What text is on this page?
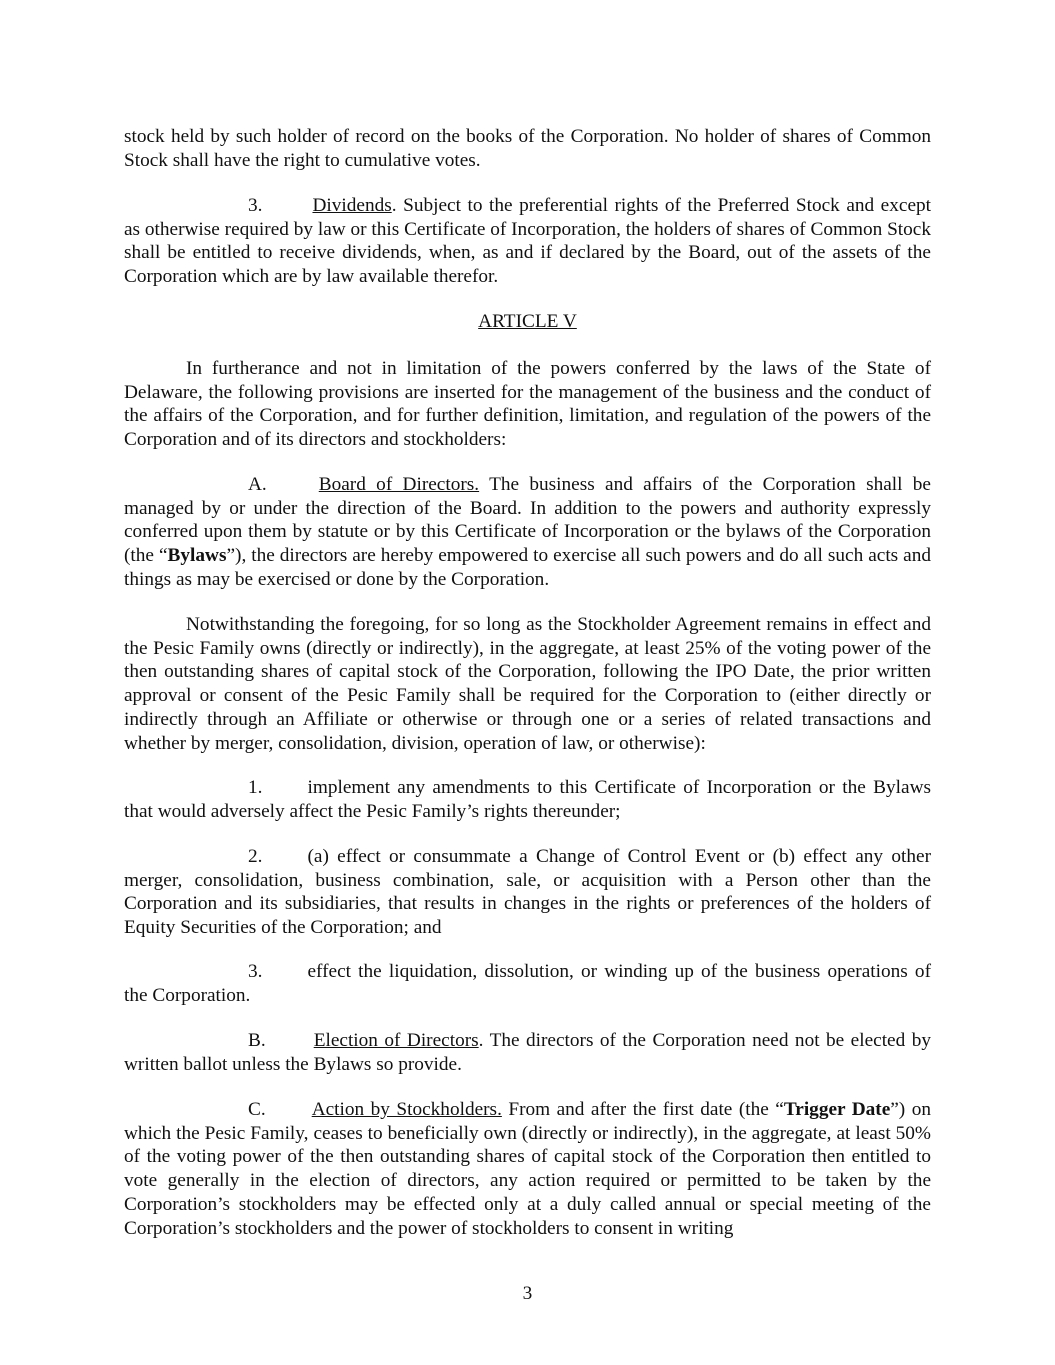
stock held by such holder of record on the books of the Corporation. No holder of shares of Common Stock shall have the right to cumulative votes.

3.	Dividends. Subject to the preferential rights of the Preferred Stock and except as otherwise required by law or this Certificate of Incorporation, the holders of shares of Common Stock shall be entitled to receive dividends, when, as and if declared by the Board, out of the assets of the Corporation which are by law available therefor.

ARTICLE V

In furtherance and not in limitation of the powers conferred by the laws of the State of Delaware, the following provisions are inserted for the management of the business and the conduct of the affairs of the Corporation, and for further definition, limitation, and regulation of the powers of the Corporation and of its directors and stockholders:

A.	Board of Directors. The business and affairs of the Corporation shall be managed by or under the direction of the Board. In addition to the powers and authority expressly conferred upon them by statute or by this Certificate of Incorporation or the bylaws of the Corporation (the “Bylaws”), the directors are hereby empowered to exercise all such powers and do all such acts and things as may be exercised or done by the Corporation.

Notwithstanding the foregoing, for so long as the Stockholder Agreement remains in effect and the Pesic Family owns (directly or indirectly), in the aggregate, at least 25% of the voting power of the then outstanding shares of capital stock of the Corporation, following the IPO Date, the prior written approval or consent of the Pesic Family shall be required for the Corporation to (either directly or indirectly through an Affiliate or otherwise or through one or a series of related transactions and whether by merger, consolidation, division, operation of law, or otherwise):

1. implement any amendments to this Certificate of Incorporation or the Bylaws that would adversely affect the Pesic Family’s rights thereunder;

2. (a) effect or consummate a Change of Control Event or (b) effect any other merger, consolidation, business combination, sale, or acquisition with a Person other than the Corporation and its subsidiaries, that results in changes in the rights or preferences of the holders of Equity Securities of the Corporation; and

3. effect the liquidation, dissolution, or winding up of the business operations of the Corporation.

B. Election of Directors. The directors of the Corporation need not be elected by written ballot unless the Bylaws so provide.

C. Action by Stockholders. From and after the first date (the “Trigger Date”) on which the Pesic Family, ceases to beneficially own (directly or indirectly), in the aggregate, at least 50% of the voting power of the then outstanding shares of capital stock of the Corporation then entitled to vote generally in the election of directors, any action required or permitted to be taken by the Corporation’s stockholders may be effected only at a duly called annual or special meeting of the Corporation’s stockholders and the power of stockholders to consent in writing

3
